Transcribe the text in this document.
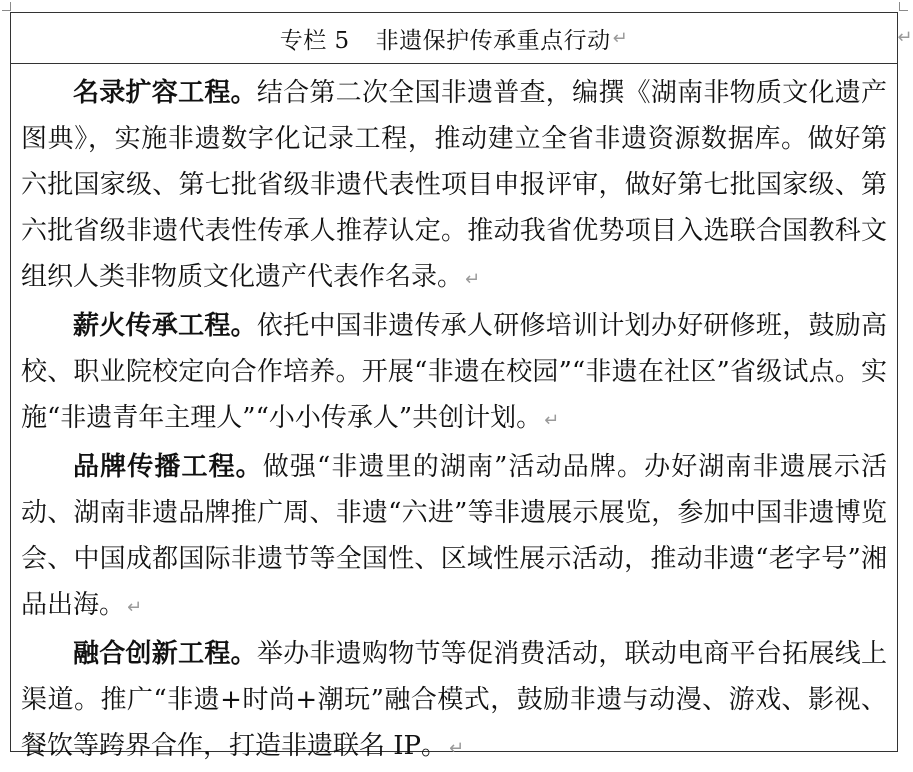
专栏 5 非遗保护传承重点行动 ↵	↵

名录扩容工程。结合第二次全国非遗普查，编撰《湖南非物质文化遗产图典》，实施非遗数字化记录工程，推动建立全省非遗资源数据库。做好第六批国家级、第七批省级非遗代表性项目申报评审，做好第七批国家级、第六批省级非遗代表性传承人推荐认定。推动我省优势项目入选联合国教科文组织人类非物质文化遗产代表作名录。 ↵

薪火传承工程。依托中国非遗传承人研修培训计划办好研修班，鼓励高校、职业院校定向合作培养。开展“非遗在校园”“非遗在社区”省级试点。实施“非遗青年主理人”“小小传承人”共创计划。 ↵

品牌传播工程。做强“非遗里的湖南”活动品牌。办好湖南非遗展示活动、湖南非遗品牌推广周、非遗“六进”等非遗展示展览，参加中国非遗博览会、中国成都国际非遗节等全国性、区域性展示活动，推动非遗“老字号”湘品出海。 ↵

融合创新工程。举办非遗购物节等促消费活动，联动电商平台拓展线上渠道。推广“非遗+时尚+潮玩”融合模式，鼓励非遗与动漫、游戏、影视、餐饮等跨界合作，打造非遗联名 IP。 ↵
